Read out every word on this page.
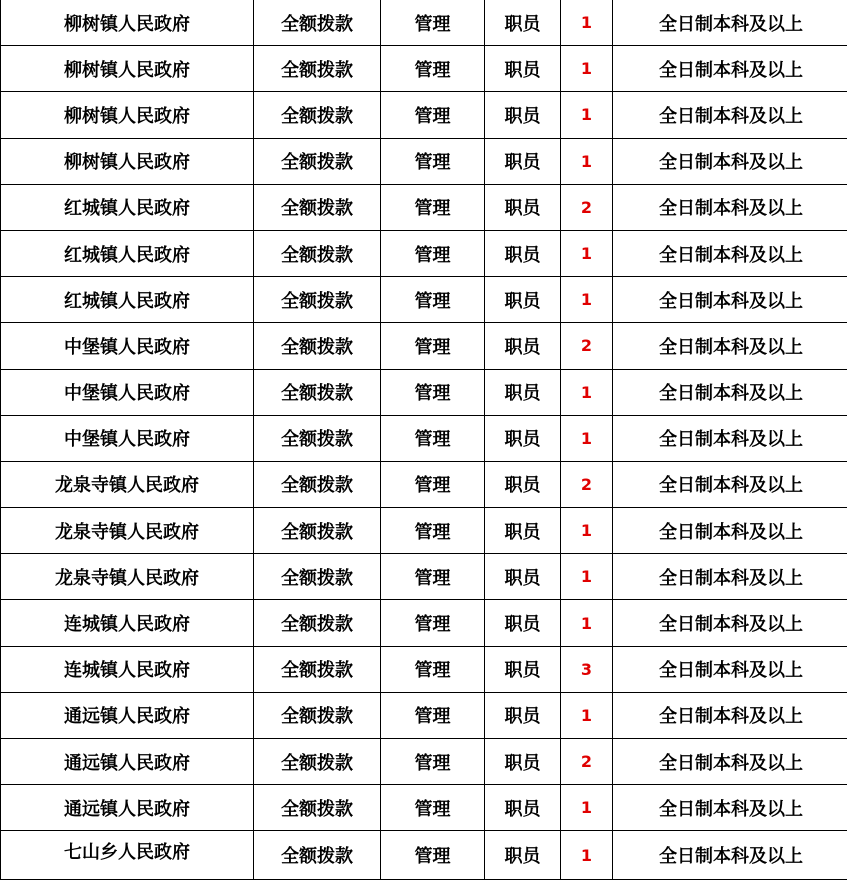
柳树镇人民政府	全额拨款	管理	职员	1	全日制本科及以上
柳树镇人民政府	全额拨款	管理	职员	1	全日制本科及以上
柳树镇人民政府	全额拨款	管理	职员	1	全日制本科及以上
柳树镇人民政府	全额拨款	管理	职员	1	全日制本科及以上
红城镇人民政府	全额拨款	管理	职员	2	全日制本科及以上
红城镇人民政府	全额拨款	管理	职员	1	全日制本科及以上
红城镇人民政府	全额拨款	管理	职员	1	全日制本科及以上
中堡镇人民政府	全额拨款	管理	职员	2	全日制本科及以上
中堡镇人民政府	全额拨款	管理	职员	1	全日制本科及以上
中堡镇人民政府	全额拨款	管理	职员	1	全日制本科及以上
龙泉寺镇人民政府	全额拨款	管理	职员	2	全日制本科及以上
龙泉寺镇人民政府	全额拨款	管理	职员	1	全日制本科及以上
龙泉寺镇人民政府	全额拨款	管理	职员	1	全日制本科及以上
连城镇人民政府	全额拨款	管理	职员	1	全日制本科及以上
连城镇人民政府	全额拨款	管理	职员	3	全日制本科及以上
通远镇人民政府	全额拨款	管理	职员	1	全日制本科及以上
通远镇人民政府	全额拨款	管理	职员	2	全日制本科及以上
通远镇人民政府	全额拨款	管理	职员	1	全日制本科及以上
七山乡人民政府	全额拨款	管理	职员	1	全日制本科及以上
